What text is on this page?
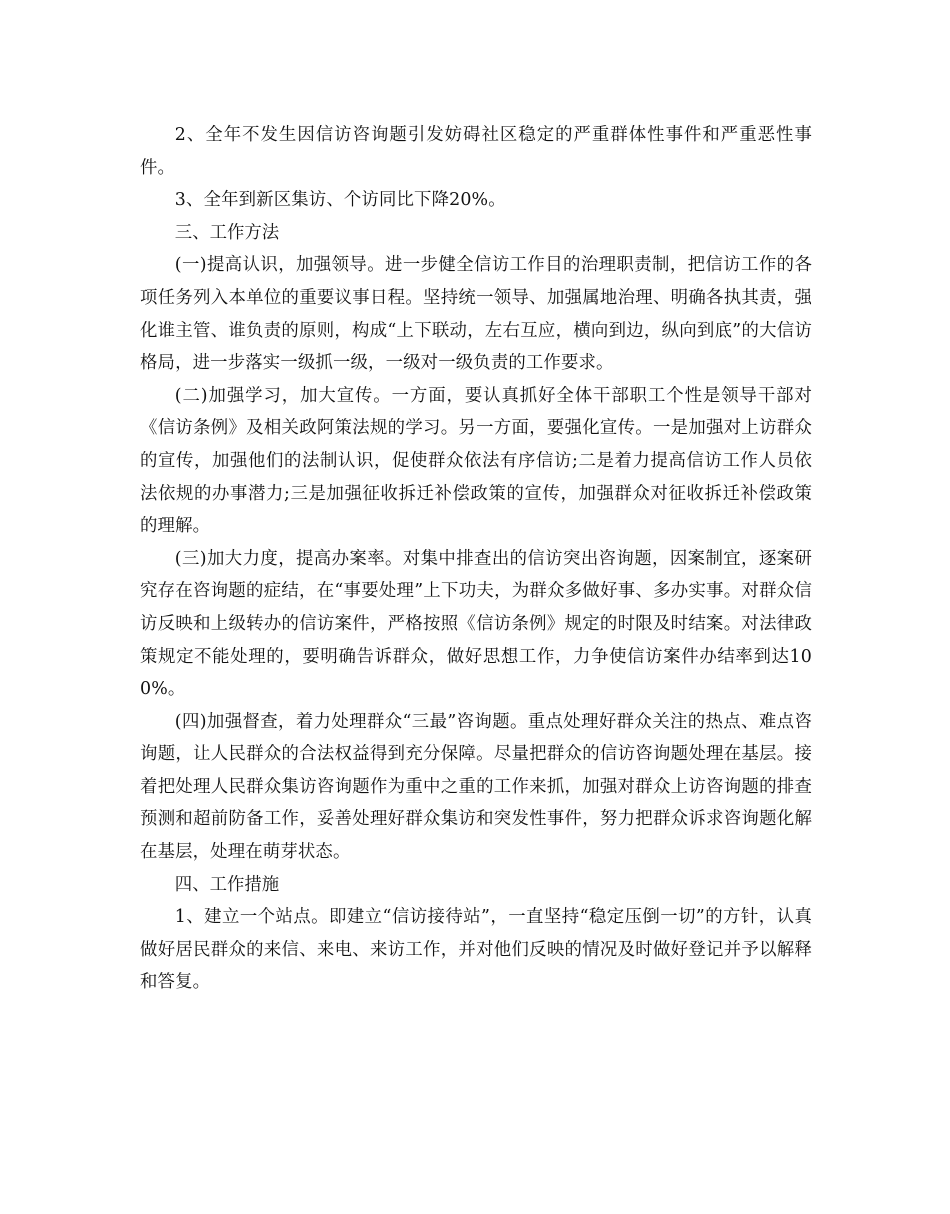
2、全年不发生因信访咨询题引发妨碍社区稳定的严重群体性事件和严重恶性事件。

3、全年到新区集访、个访同比下降20%。

三、工作方法

(一)提高认识，加强领导。进一步健全信访工作目的治理职责制，把信访工作的各项任务列入本单位的重要议事日程。坚持统一领导、加强属地治理、明确各执其责，强化谁主管、谁负责的原则，构成“上下联动，左右互应，横向到边，纵向到底”的大信访格局，进一步落实一级抓一级，一级对一级负责的工作要求。

(二)加强学习，加大宣传。一方面，要认真抓好全体干部职工个性是领导干部对《信访条例》及相关政阿策法规的学习。另一方面，要强化宣传。一是加强对上访群众的宣传，加强他们的法制认识，促使群众依法有序信访;二是着力提高信访工作人员依法依规的办事潜力;三是加强征收拆迁补偿政策的宣传，加强群众对征收拆迁补偿政策的理解。

(三)加大力度，提高办案率。对集中排查出的信访突出咨询题，因案制宜，逐案研究存在咨询题的症结，在“事要处理”上下功夫，为群众多做好事、多办实事。对群众信访反映和上级转办的信访案件，严格按照《信访条例》规定的时限及时结案。对法律政策规定不能处理的，要明确告诉群众，做好思想工作，力争使信访案件办结率到达100%。

(四)加强督查，着力处理群众“三最”咨询题。重点处理好群众关注的热点、难点咨询题，让人民群众的合法权益得到充分保障。尽量把群众的信访咨询题处理在基层。接着把处理人民群众集访咨询题作为重中之重的工作来抓，加强对群众上访咨询题的排查预测和超前防备工作，妥善处理好群众集访和突发性事件，努力把群众诉求咨询题化解在基层，处理在萌芽状态。

四、工作措施

1、建立一个站点。即建立“信访接待站”，一直坚持“稳定压倒一切”的方针，认真做好居民群众的来信、来电、来访工作，并对他们反映的情况及时做好登记并予以解释和答复。
